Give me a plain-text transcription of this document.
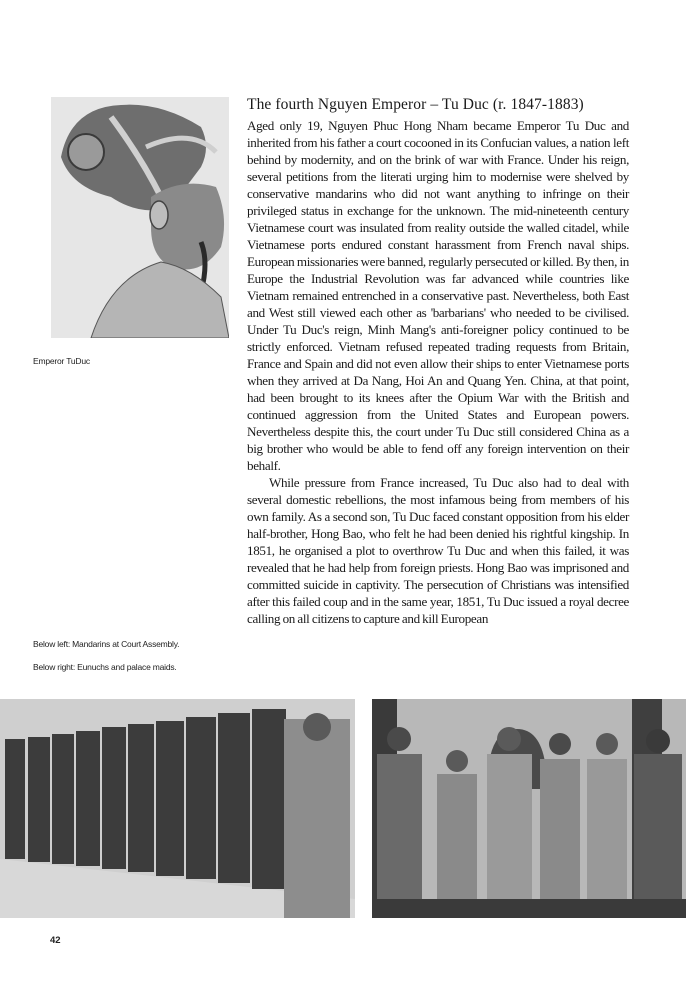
Emperor TuDuc
The fourth Nguyen Emperor – Tu Duc (r. 1847-1883)

Aged only 19, Nguyen Phuc Hong Nham became Emperor Tu Duc and inherited from his father a court cocooned in its Confucian values, a nation left behind by modernity, and on the brink of war with France. Under his reign, several petitions from the literati urging him to modernise were shelved by conservative mandarins who did not want anything to infringe on their privileged status in exchange for the unknown. The mid-nineteenth century Vietnamese court was insulated from reality outside the walled citadel, while Vietnamese ports endured constant harassment from French naval ships. European missionaries were banned, regularly persecuted or killed. By then, in Europe the Industrial Revolution was far advanced while countries like Vietnam remained entrenched in a conservative past. Nevertheless, both East and West still viewed each other as 'barbarians' who needed to be civilised. Under Tu Duc's reign, Minh Mang's anti-foreigner policy continued to be strictly enforced. Vietnam refused repeated trading requests from Britain, France and Spain and did not even allow their ships to enter Vietnamese ports when they arrived at Da Nang, Hoi An and Quang Yen. China, at that point, had been brought to its knees after the Opium War with the British and continued aggression from the United States and European powers. Nevertheless despite this, the court under Tu Duc still considered China as a big brother who would be able to fend off any foreign intervention on their behalf.

While pressure from France increased, Tu Duc also had to deal with several domestic rebellions, the most infamous being from members of his own family. As a second son, Tu Duc faced constant opposition from his elder half-brother, Hong Bao, who felt he had been denied his rightful kingship. In 1851, he organised a plot to overthrow Tu Duc and when this failed, it was revealed that he had help from foreign priests. Hong Bao was imprisoned and committed suicide in captivity. The persecution of Christians was intensified after this failed coup and in the same year, 1851, Tu Duc issued a royal decree calling on all citizens to capture and kill European

Below left: Mandarins at Court Assembly.
Below right: Eunuchs and palace maids.
42
